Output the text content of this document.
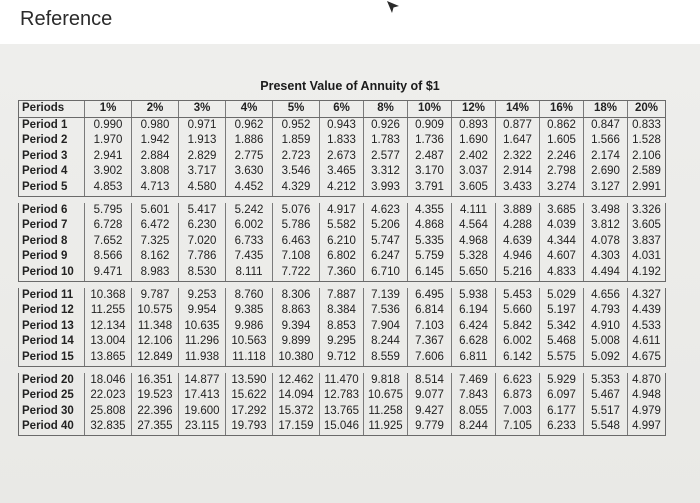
Reference
Present Value of Annuity of $1
Periods	1%	2%	3%	4%	5%	6%	8%	10%	12%	14%	16%	18%	20%
Period 1	0.990	0.980	0.971	0.962	0.952	0.943	0.926	0.909	0.893	0.877	0.862	0.847	0.833
Period 2	1.970	1.942	1.913	1.886	1.859	1.833	1.783	1.736	1.690	1.647	1.605	1.566	1.528
Period 3	2.941	2.884	2.829	2.775	2.723	2.673	2.577	2.487	2.402	2.322	2.246	2.174	2.106
Period 4	3.902	3.808	3.717	3.630	3.546	3.465	3.312	3.170	3.037	2.914	2.798	2.690	2.589
Period 5	4.853	4.713	4.580	4.452	4.329	4.212	3.993	3.791	3.605	3.433	3.274	3.127	2.991

Period 6	5.795	5.601	5.417	5.242	5.076	4.917	4.623	4.355	4.111	3.889	3.685	3.498	3.326
Period 7	6.728	6.472	6.230	6.002	5.786	5.582	5.206	4.868	4.564	4.288	4.039	3.812	3.605
Period 8	7.652	7.325	7.020	6.733	6.463	6.210	5.747	5.335	4.968	4.639	4.344	4.078	3.837
Period 9	8.566	8.162	7.786	7.435	7.108	6.802	6.247	5.759	5.328	4.946	4.607	4.303	4.031
Period 10	9.471	8.983	8.530	8.111	7.722	7.360	6.710	6.145	5.650	5.216	4.833	4.494	4.192

Period 11	10.368	9.787	9.253	8.760	8.306	7.887	7.139	6.495	5.938	5.453	5.029	4.656	4.327
Period 12	11.255	10.575	9.954	9.385	8.863	8.384	7.536	6.814	6.194	5.660	5.197	4.793	4.439
Period 13	12.134	11.348	10.635	9.986	9.394	8.853	7.904	7.103	6.424	5.842	5.342	4.910	4.533
Period 14	13.004	12.106	11.296	10.563	9.899	9.295	8.244	7.367	6.628	6.002	5.468	5.008	4.611
Period 15	13.865	12.849	11.938	11.118	10.380	9.712	8.559	7.606	6.811	6.142	5.575	5.092	4.675

Period 20	18.046	16.351	14.877	13.590	12.462	11.470	9.818	8.514	7.469	6.623	5.929	5.353	4.870
Period 25	22.023	19.523	17.413	15.622	14.094	12.783	10.675	9.077	7.843	6.873	6.097	5.467	4.948
Period 30	25.808	22.396	19.600	17.292	15.372	13.765	11.258	9.427	8.055	7.003	6.177	5.517	4.979
Period 40	32.835	27.355	23.115	19.793	17.159	15.046	11.925	9.779	8.244	7.105	6.233	5.548	4.997
